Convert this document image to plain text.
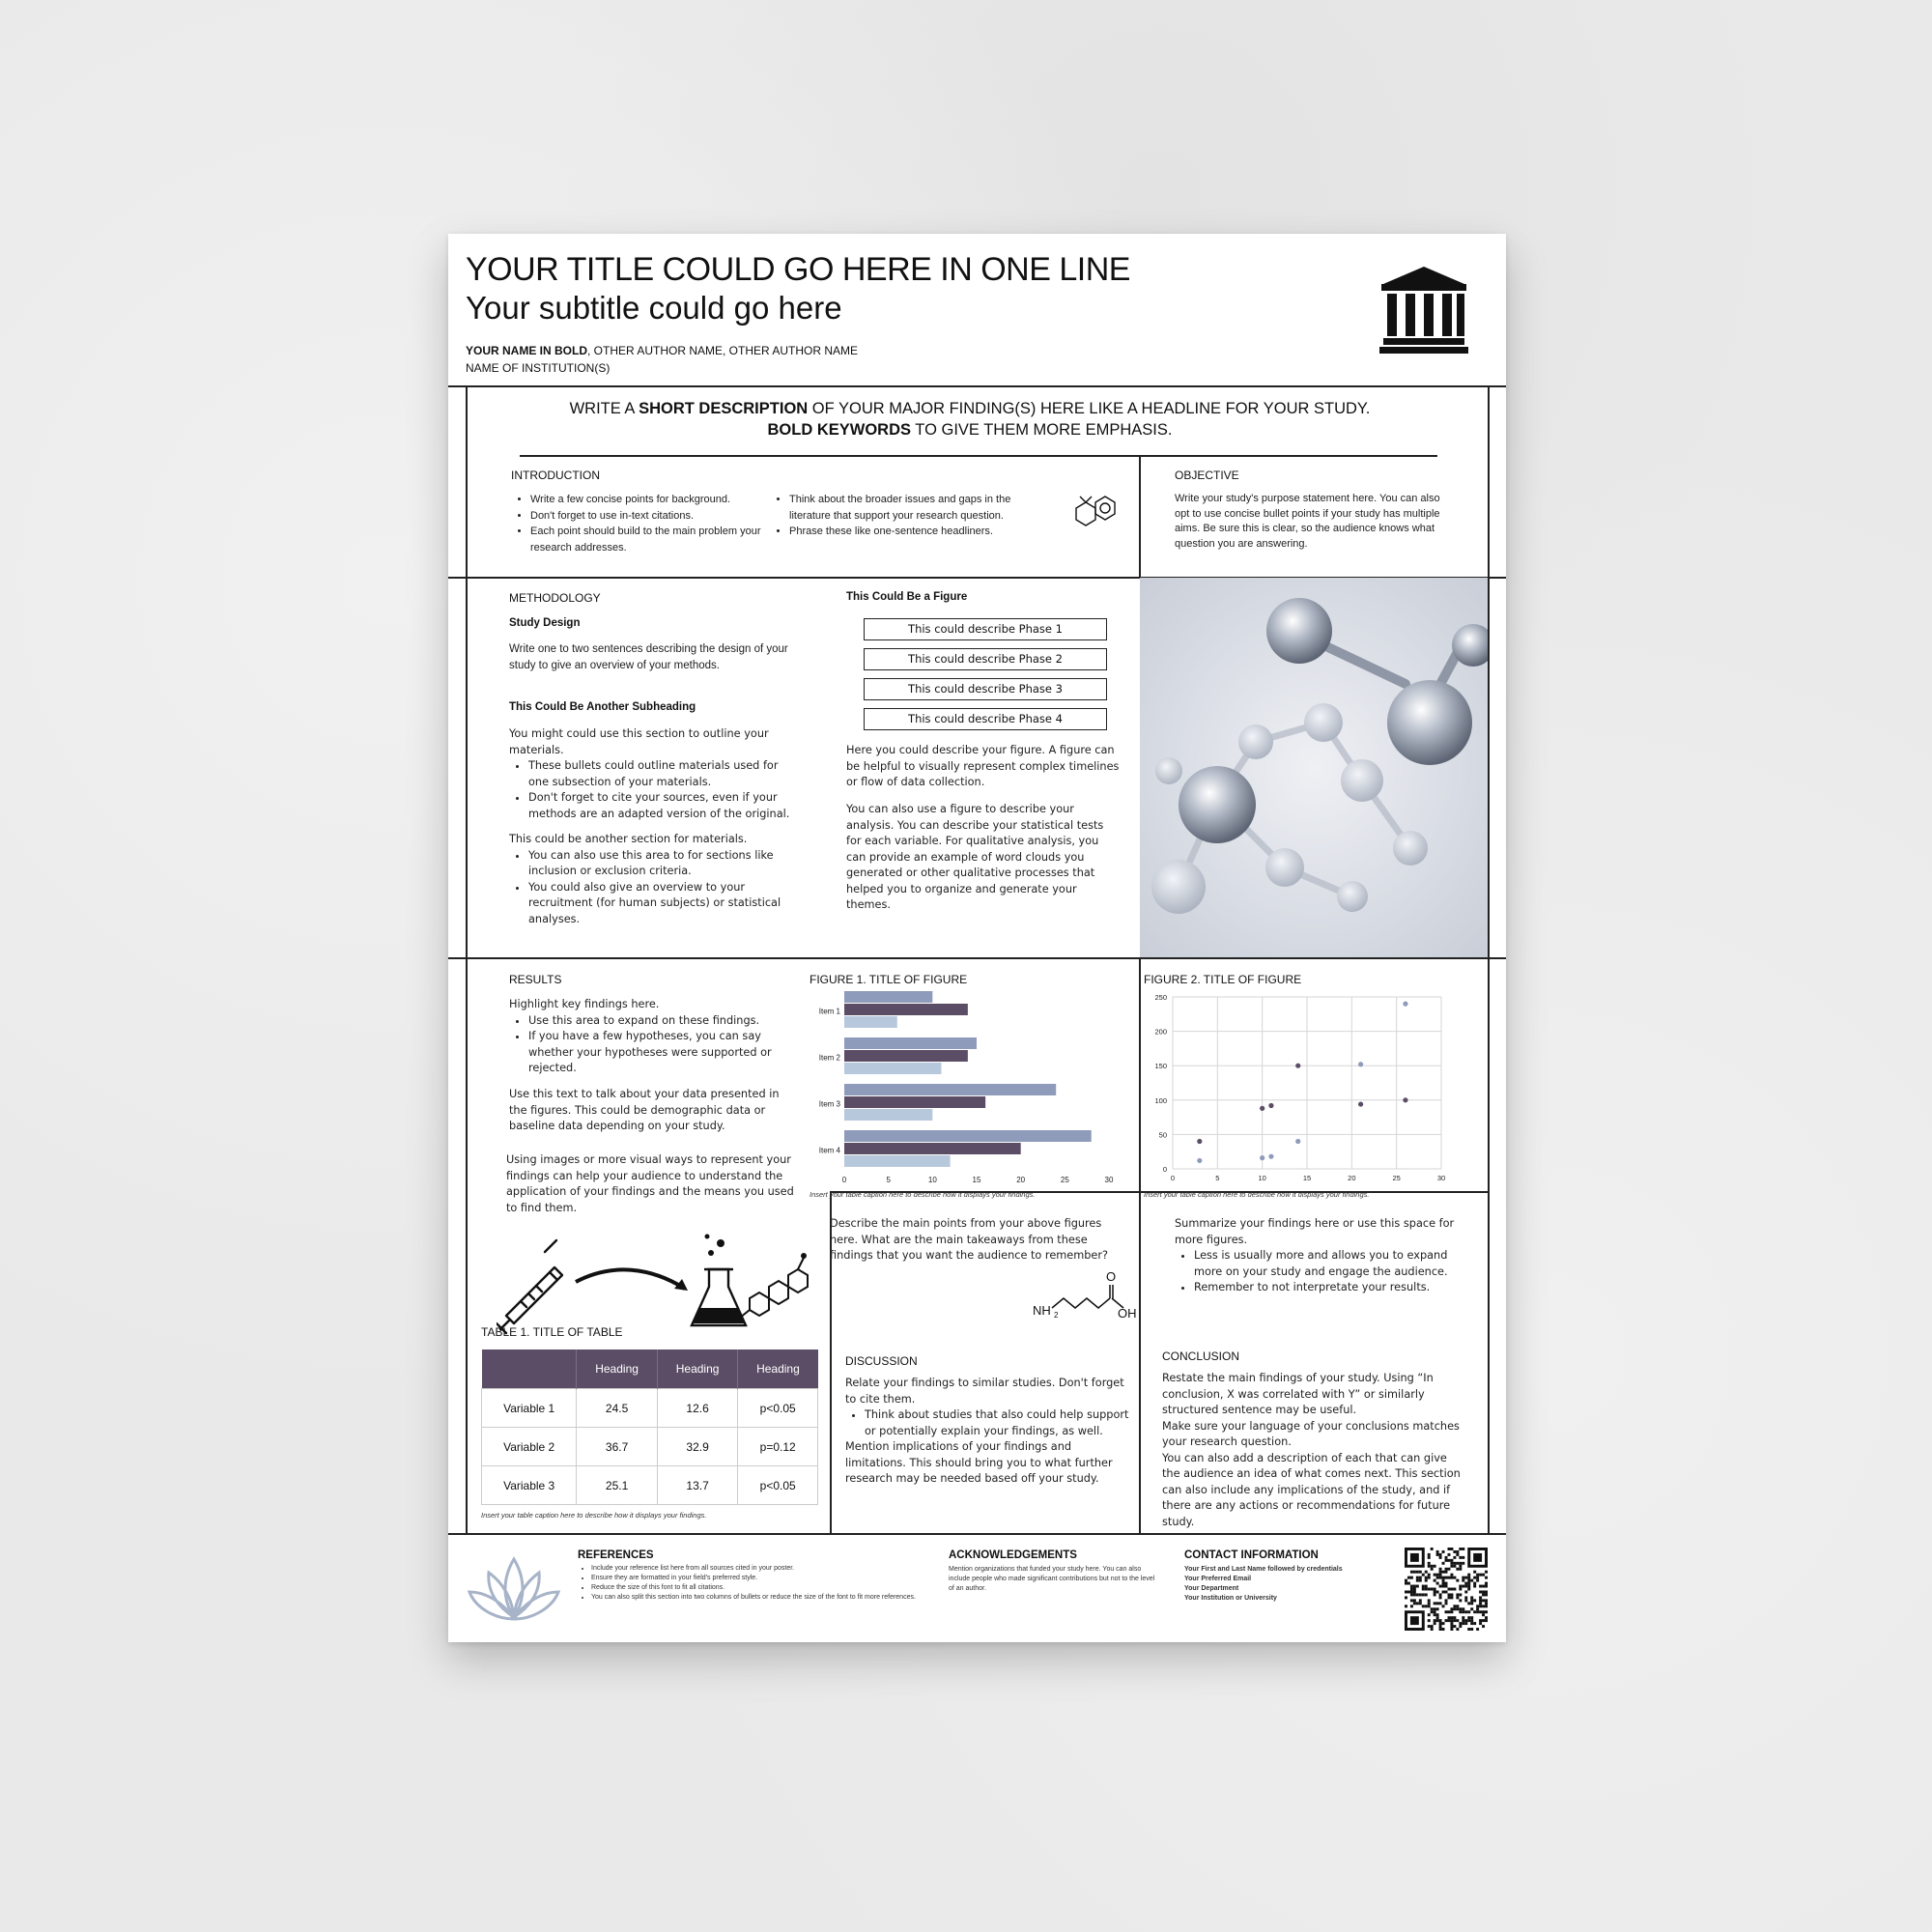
YOUR TITLE COULD GO HERE IN ONE LINE
Your subtitle could go here
YOUR NAME IN BOLD, OTHER AUTHOR NAME, OTHER AUTHOR NAME
NAME OF INSTITUTION(S)
WRITE A SHORT DESCRIPTION OF YOUR MAJOR FINDING(S) HERE LIKE A HEADLINE FOR YOUR STUDY.
BOLD KEYWORDS TO GIVE THEM MORE EMPHASIS.
INTRODUCTION
• Write a few concise points for background.
• Don't forget to use in-text citations.
• Each point should build to the main problem your research addresses.
• Think about the broader issues and gaps in the literature that support your research question.
• Phrase these like one-sentence headliners.
OBJECTIVE
Write your study's purpose statement here. You can also opt to use concise bullet points if your study has multiple aims. Be sure this is clear, so the audience knows what question you are answering.
METHODOLOGY
Study Design
Write one to two sentences describing the design of your study to give an overview of your methods.
This Could Be Another Subheading

You might could use this section to outline your materials.

• These bullets could outline materials used for one subsection of your materials.
• Don't forget to cite your sources, even if your methods are an adapted version of the original.

This could be another section for materials.

• You can also use this area to for sections like inclusion or exclusion criteria.
• You could also give an overview to your recruitment (for human subjects) or statistical analyses.
This Could Be a Figure
This could describe Phase 1
This could describe Phase 2
This could describe Phase 3
This could describe Phase 4
Here you could describe your figure. A figure can be helpful to visually represent complex timelines or flow of data collection.
You can also use a figure to describe your analysis. You can describe your statistical tests for each variable. For qualitative analysis, you can provide an example of word clouds you generated or other qualitative processes that helped you to organize and generate your themes.
RESULTS

Highlight key findings here.

• Use this area to expand on these findings.
• If you have a few hypotheses, you can say whether your hypotheses were supported or rejected.
Use this text to talk about your data presented in the figures. This could be demographic data or baseline data depending on your study.
Using images or more visual ways to represent your findings can help your audience to understand the application of your findings and the means you used to find them.
FIGURE 1. TITLE OF FIGURE
Item 1
Item 2
Item 3
Item 4
0	5	10	15	20	25	30
Insert your table caption here to describe how it displays your findings.
FIGURE 2. TITLE OF FIGURE
0	5	10	15	20	25	30
0
50
100
150
200
250
Insert your table caption here to describe how it displays your findings.
Describe the main points from your above figures here. What are the main takeaways from these findings that you want the audience to remember?
NH 2
O
OH

Summarize your findings here or use this space for more figures.

• Less is usually more and allows you to expand more on your study and engage the audience.
• Remember to not interpretate your results.
TABLE 1. TITLE OF TABLE
	Heading	Heading	Heading
Variable 1	24.5	12.6	p<0.05
Variable 2	36.7	32.9	p=0.12
Variable 3	25.1	13.7	p<0.05
Insert your table caption here to describe how it displays your findings.
DISCUSSION

Relate your findings to similar studies. Don't forget to cite them.

• Think about studies that also could help support or potentially explain your findings, as well.

Mention implications of your findings and limitations. This should bring you to what further research may be needed based off your study.

CONCLUSION

Restate the main findings of your study. Using “In conclusion, X was correlated with Y” or similarly structured sentence may be useful.

Make sure your language of your conclusions matches your research question.

You can also add a description of each that can give the audience an idea of what comes next. This section can also include any implications of the study, and if there are any actions or recommendations for future study.

REFERENCES
• Include your reference list here from all sources cited in your poster.
• Ensure they are formatted in your field's preferred style.
• Reduce the size of this font to fit all citations.
• You can also split this section into two columns of bullets or reduce the size of the font to fit more references.
ACKNOWLEDGEMENTS
Mention organizations that funded your study here. You can also include people who made significant contributions but not to the level of an author.
CONTACT INFORMATION
Your First and Last Name followed by credentials
Your Preferred Email
Your Department
Your Institution or University
